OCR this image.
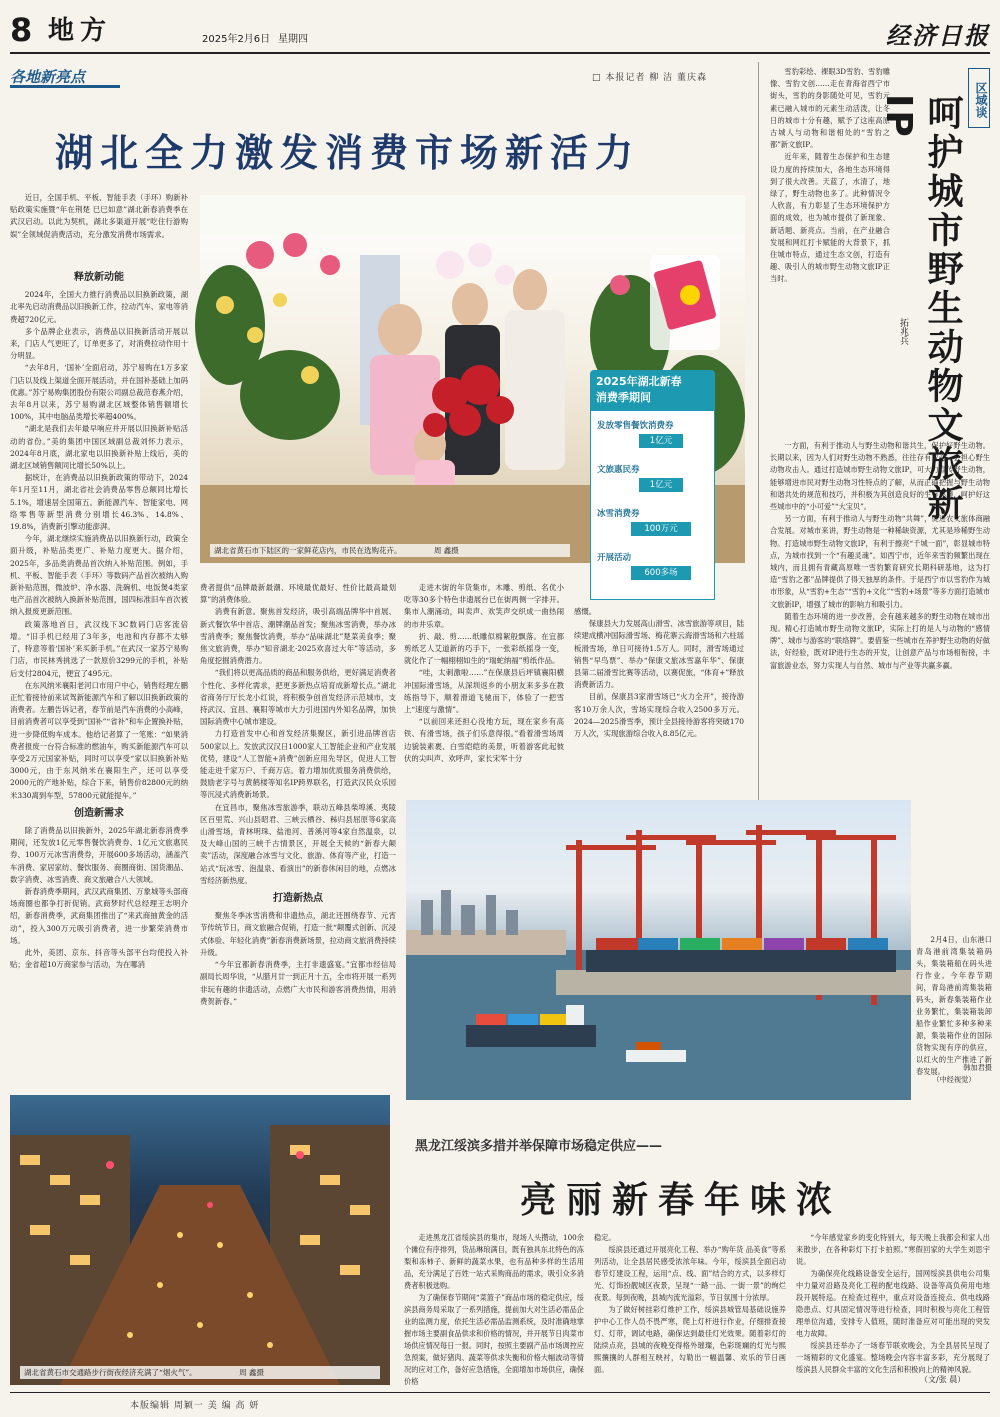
8 地方	2025年2月6日 星期四	经济日报
各地新亮点	□ 本报记者 柳 洁 董庆森
湖北全力激发消费市场新活力

近日，全国手机、平板、智能手表（手环）购新补贴政策实施暨“年在荆楚 巳巳如意”湖北新春消费季在武汉启动。以此为契机，湖北多渠道开展“吃住行游购娱”全领域促消费活动，充分激发消费市场需求。

湖北省黄石市下陆区的一家鲜花店内，市民在选购花卉。	周 鑫摄
2025年湖北新春
消费季期间
发放零售餐饮消费券
1亿元
文旅惠民券
1亿元
冰雪消费券
100万元
开展活动
600多场
释放新动能

2024年，全国大力推行消费品以旧换新政策，湖北率先启动消费品以旧换新工作，拉动汽车、家电等消费超720亿元。

多个品牌企业表示，消费品以旧换新活动开展以来，门店人气更旺了，订单更多了，对消费拉动作用十分明显。

“去年8月，‘国补’全面启动，苏宁易购在1万多家门店以及线上渠道全面开展活动，并在国补基础上加码优惠。”苏宁易购集团股份有限公司副总裁范春燕介绍，去年8月以来，苏宁易购湖北区域整体销售额增长100%，其中电脑品类增长率超400%。

“湖北是我们去年最早响应并开展以旧换新补贴活动的省份。”美的集团中国区域副总裁刘怀力表示，2024年8月底，湖北家电以旧换新补贴上线后，美的湖北区域销售额同比增长50%以上。

据统计，在消费品以旧换新政策的带动下，2024年1月至11月，湖北省社会消费品零售总额同比增长5.1%，增速居全国第五。新能源汽车、智能家电、网络零售等新型消费分别增长46.3%、14.8%、19.8%，消费新引擎动能澎湃。

今年，湖北继续实施消费品以旧换新行动，政策全面升级，补贴品类更广、补贴力度更大。据介绍，2025年，多品类消费品首次纳入补贴范围。例如，手机、平板、智能手表（手环）等数码产品首次被纳入购新补贴范围，微波炉、净水器、洗碗机、电饭煲4类家电产品首次被纳入换新补贴范围，国四标准旧车首次被纳入报废更新范围。

政策落地首日，武汉线下3C数码门店客流倍增。“旧手机已经用了3年多，电池和内存都不太够了，特意等着‘国补’来买新手机。”在武汉一家苏宁易购门店，市民林秀挑选了一款原价3299元的手机，补贴后支付2804元，便宜了495元。

在东风纳米襄阳老河口市用户中心，销售经理左鹏正忙着接待前来试驾新能源汽车和了解以旧换新政策的消费者。左鹏告诉记者，春节前是汽车消费的小高峰，目前消费者可以享受到“国补”“省补”和车企置换补贴，进一步降低购车成本。他给记者算了一笔账：“如果消费者报废一台符合标准的燃油车，购买新能源汽车可以享受2万元国家补贴，同时可以享受“家以旧换新补贴3000元，由于东风纳米在襄阳生产，还可以享受2000元的产地补贴，综合下来，销售价82800元的纳米330离到车型，57800元就能提车。”

创造新需求

除了消费品以旧换新外，2025年湖北新春消费季期间，还发放1亿元零售餐饮消费券、1亿元文旅惠民券、100万元冰雪消费券，开展600多场活动，涵盖汽车消费、家居家纺、餐饮服务、商圈商街、国货潮品、数字消费、冰雪消费、商文旅融合八大领域。

新春消费季期间，武汉武商集团、万象城等头部商场商圈也都争打折促销。武商梦时代总经理王志明介绍，新春消费季，武商集团推出了“来武商抽黄金的活动”，投入300万元吸引消费者，进一步繁荣消费市场。

此外，美团、京东、抖音等头部平台均使投入补贴；金省超10万商家参与活动，为在哪消

费者提供“品牌最新最潮、环境最优最好、性价比最高最划算”的消费体验。

消费有新意。聚焦首发经济，吸引高端品牌华中首展、新式餐饮华中首店、潮牌潮品首发；聚焦冰雪消费，举办冰雪消费季；聚焦餐饮消费，举办“品味湖北”楚菜美食季；聚焦文旅消费，举办“知音湖北·2025欢喜过大年”等活动，多角度挖掘消费潜力。

“我们将以更高品质的商品和服务供给，更好满足消费者个性化、多样化需求，把更多新热点培育成新增长点。”湖北省商务厅厅长龙小红说，将积极争创首发经济示范城市，支持武汉、宜昌、襄阳等城市大力引进国内外知名品牌，加快国际消费中心城市建设。

力打造首发中心和首发经济集聚区，新引进品牌首店500家以上。发放武汉汉日1000家人工智能企业和产业发展优势，建设“人工智能+消费”创新应用先导区，促进人工智能走进千家万户、千商万店。着力增加优质服务消费供给，鼓励老字号与黄鹤楼等知名IP跨界联名，打造武汉民众乐园等沉浸式消费新场景。

在宜昌市，聚焦冰雪旅游季，联动五峰县柴埠溪、夷陵区百里荒、兴山县昭君、三峡云栖谷、秭归县屈原等6家高山滑雪场，青林明珠、盐池河、普溪河等4家自然温泉，以及大峰山国的三峡千古情景区，开展全天候的“新春大颠卖”活动，深度融合冰雪与文化、旅游、体育等产业，打造一站式“玩冰雪、泡温泉、看演出”的新春休闲目的地，点燃冰雪经济新热度。

打造新热点

聚焦冬季冰雪消费和非遗热点，湖北还围绕春节、元宵节传统节日，商文旅融合促销，打造一批“颠覆式创新、沉浸式体验、年轻化消费”新春消费新场景，拉动商文旅消费持续升级。

“今年宜都新春消费季，主打非遗盛宴。”宜都市经信局副局长周华说，“从腊月廿一到正月十五，全市将开展一系列非玩有趣的非遗活动，点燃广大市民和游客消费热情，用消费贺新春。”

走进木街的年货集市，木雕、剪纸、名优小吃等30多个特色非遗展台已在街两侧一字排开。集市人潮涌动，叫卖声、欢笑声交织成一曲热闹的市井乐章。

折、敲、剪……纸雕似棉絮般飘落。在宜都剪纸艺人艾道新的巧手下，一张彩纸摇身一变，就化作了一幅栩栩如生的“瑞蛇纳福”剪纸作品。

“哇，太刺激啦……”在保康县后坪镇襄阳横冲国际滑雪场，从深圳返乡的小朋友来多多在教练指导下，顺着滑道飞驰而下，体验了一把雪上“速度与激情”。

“以前回来还担心没地方玩，现在家乡有高铁、有滑雪场，孩子们乐意得很。”看着滑雪场周边貌装素裹、白雪皑皑的美景，听着游客此起彼伏的尖叫声、欢呼声，家长宋军十分

感慨。

保康县大力发展高山滑雪、冰雪旅游等项目，陆续建成横冲国际滑雪场、梅花寨云海滑雪场和六柱瑶板滑雪场，单日可接待1.5万人。同时，滑雪场通过销售“早鸟票”、举办“保康文旅冰雪嘉年华”、保康县第二届滑雪比赛等活动，以赛促旅，“体育+”释放消费新活力。

目前，保康县3家滑雪场已“火力全开”，接待游客10万余人次，雪场实现综合收入2500多万元。2024—2025滑雪季，预计全县接待游客将突破170万人次，实现旅游综合收入8.85亿元。

区域谈
呵护城市野生动物文旅新IP
拓兆兵

雪豹彩绘、裸眼3D雪豹、雪豹雕像、雪豹文创……走在青海省西宁市街头，雪豹的身影随处可见，雪豹元素已融入城市的元素生动活泼，让冬日的城市十分有趣，赋予了这座高原古城人与动物和谐相处的“雪豹之都”新文旅IP。

近年来，随着生态保护和生态建设力度的持续加大，各地生态环境得到了很大改善。天蓝了，水清了，地绿了，野生动物也多了。此种情况令人欣喜，有力彰显了生态环境保护方面的成效，也为城市提供了新现象、新话题、新亮点。当前，在产业融合发展和网红打卡赋能的大背景下，抓住城市特点，通过生态文创，打造有趣、吸引人的城市野生动物文旅IP正当时。

一方面，有利于推动人与野生动物和谐共生，保护好野生动物。长期以来，因为人们对野生动物不熟悉，往往存有戒心，会担心野生动物攻击人。通过打造城市野生动物文旅IP，可大力宣传野生动物，能够增进市民对野生动物习性特点的了解，从而正确把握与野生动物和谐共处的规范和技巧，并积极为其创造良好的生存环境，呵护好这些城市中的“小可爱”“大宝贝”。

另一方面，有利于推动人与野生动物“共舞”，促进农文旅体商融合发展。对城市来讲，野生动物是一种稀缺资源，尤其是珍稀野生动物。打造城市野生动物文旅IP，有利于擦亮“千城一面”，彰显城市特点，为城市找到一个“有趣灵魂”。如西宁市，近年来雪豹频繁出现在城内，而且拥有青藏高原唯一雪豹繁育研究长期科研基地，这为打造“雪豹之都”品牌提供了得天独厚的条件。于是西宁市以雪豹作为城市形象，从“雪豹+生态”“雪豹+文化”“雪豹+场景”等多方面打造城市文旅新IP，增强了城市的影响力和吸引力。

随着生态环境的进一步改善，会有越来越多的野生动物在城市出现。精心打造城市野生动物文旅IP，实际上打的是人与动物的“感情牌”、城市与游客的“联络牌”。要借鉴一些城市在养护野生动物的好做法，好经验，既对IP进行生态的开发，让创意产品与市场相衔接，丰富旅游业态，努力实现人与自然、城市与产业等共赢多赢。

2月4日，山东港口青岛港前湾集装箱码头，集装箱船在码头进行作业。今年春节期间，青岛港前湾集装箱码头，新春集装箱作业业务繁忙，集装箱装卸船作业繁忙多种多种来源，集装箱作业的国际货物实现有序的供应，以红火的生产推进了新春发展。	韩加君摄

（中经视觉）

湖北省黄石市交通路步行街夜经济充满了“烟火气”。	周 鑫摄
黑龙江绥滨多措并举保障市场稳定供应——
亮丽新春年味浓

走进黑龙江省绥滨县的集市，现场人头攒动，100余个摊位有序排列，货品琳琅满目，既有独具东北特色的冻梨和冻柿子、新鲜的蔬菜水果，也有品种多样的生活用品，充分满足了百姓一站式采购商品的需求，吸引众多消费者积极选购。

为了确保春节期间“菜篮子”商品市场的稳定供应，绥滨县商务局采取了一系列措施，提前加大对生活必需品企业的监测力度，依托生活必需品监测系统，及时准确地掌握市场主要副食品供求和价格的情况，并开展节日肉菜市场供应情况每日一报。同时，按照主要副产品市场调控应急预案，做好猪肉、蔬菜等供求失衡和价格大幅波动等情况的应对工作，备好应急措施，全面增加市场供应，确保价格

稳定。

绥滨县还通过开展亮化工程、举办“购年货 品美食”等系列活动，让全县居民感受浓浓年味。今年，绥滨县全面启动春节灯建设工程，运用“点、线、面”结合的方式，以多样灯光、灯饰扮靓城区夜景，呈现“一路一品、一街一景”的绚烂夜景。每到夜晚，县城内流光溢彩，节日氛围十分浓厚。

为了做好树挂彩灯维护工作，绥滨县城管局基础设施养护中心工作人员不畏严寒，爬上灯杆进行作业，仔细排查接灯、灯带，调试电路，确保达到最佳灯光效果。随着彩灯的陆续点亮，县城的夜晚变得格外璀璨，色彩斑斓的灯光与熙熙攘攘的人群相互映衬，勾勒出一幅温馨、欢乐的节日画面。

“今年感觉家乡的变化特别大，每天晚上我都会和家人出来散步，在各种彩灯下打卡拍照。”寒假回家的大学生刘思宇说。

为确保亮化线路设备安全运行，国网绥滨县供电公司集中力量对沿路及亮化工程的配电线路、设备等高负荷用电地段开展特巡。在检查过程中，重点对设备连接点、供电线路隐患点、灯具固定情况等进行检查，同时积极与亮化工程管理单位沟通，安排专人值班，随时准备应对可能出现的突发电力故障。

绥滨县还举办了一场春节联欢晚会，为全县居民呈现了一场精彩的文化盛宴。整场晚会内容丰富多彩，充分展现了绥滨县人民群众丰富的文化生活和积极向上的精神风貌。

（文/张 晨）
本版编辑 周颖一 美 编 高 妍
